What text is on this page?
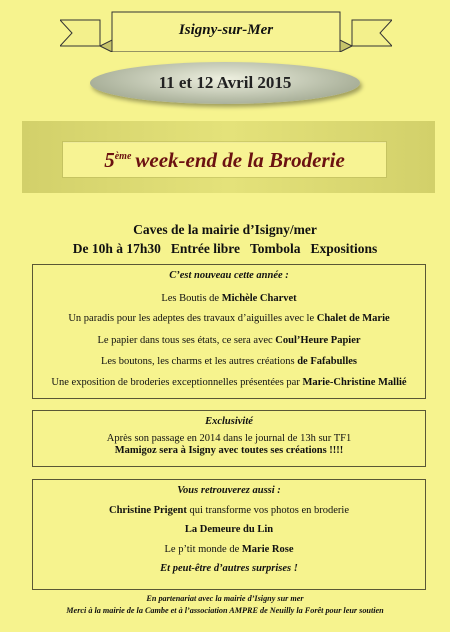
Isigny-sur-Mer
11 et 12 Avril 2015
5ème
week-end de la Broderie
Caves de la mairie d’Isigny/mer
De 10h à 17h30 Entrée libre Tombola Expositions
C’est nouveau cette année :
Les Boutis de Michèle Charvet
Un paradis pour les adeptes des travaux d’aiguilles avec le Chalet de Marie
Le papier dans tous ses états, ce sera avec Coul’Heure Papier
Les boutons, les charms et les autres créations de Fafabulles
Une exposition de broderies exceptionnelles présentées par Marie-Christine Mallié
Exclusivité
Après son passage en 2014 dans le journal de 13h sur TF1
Mamigoz sera à Isigny avec toutes ses créations !!!!
Vous retrouverez aussi :
Christine Prigent qui transforme vos photos en broderie
La Demeure du Lin
Le p’tit monde de Marie Rose
Et peut-être d’autres surprises !
En partenariat avec la mairie d’Isigny sur mer
Merci à la mairie de la Cambe et à l’association AMPRE de Neuilly la Forêt pour leur soutien
